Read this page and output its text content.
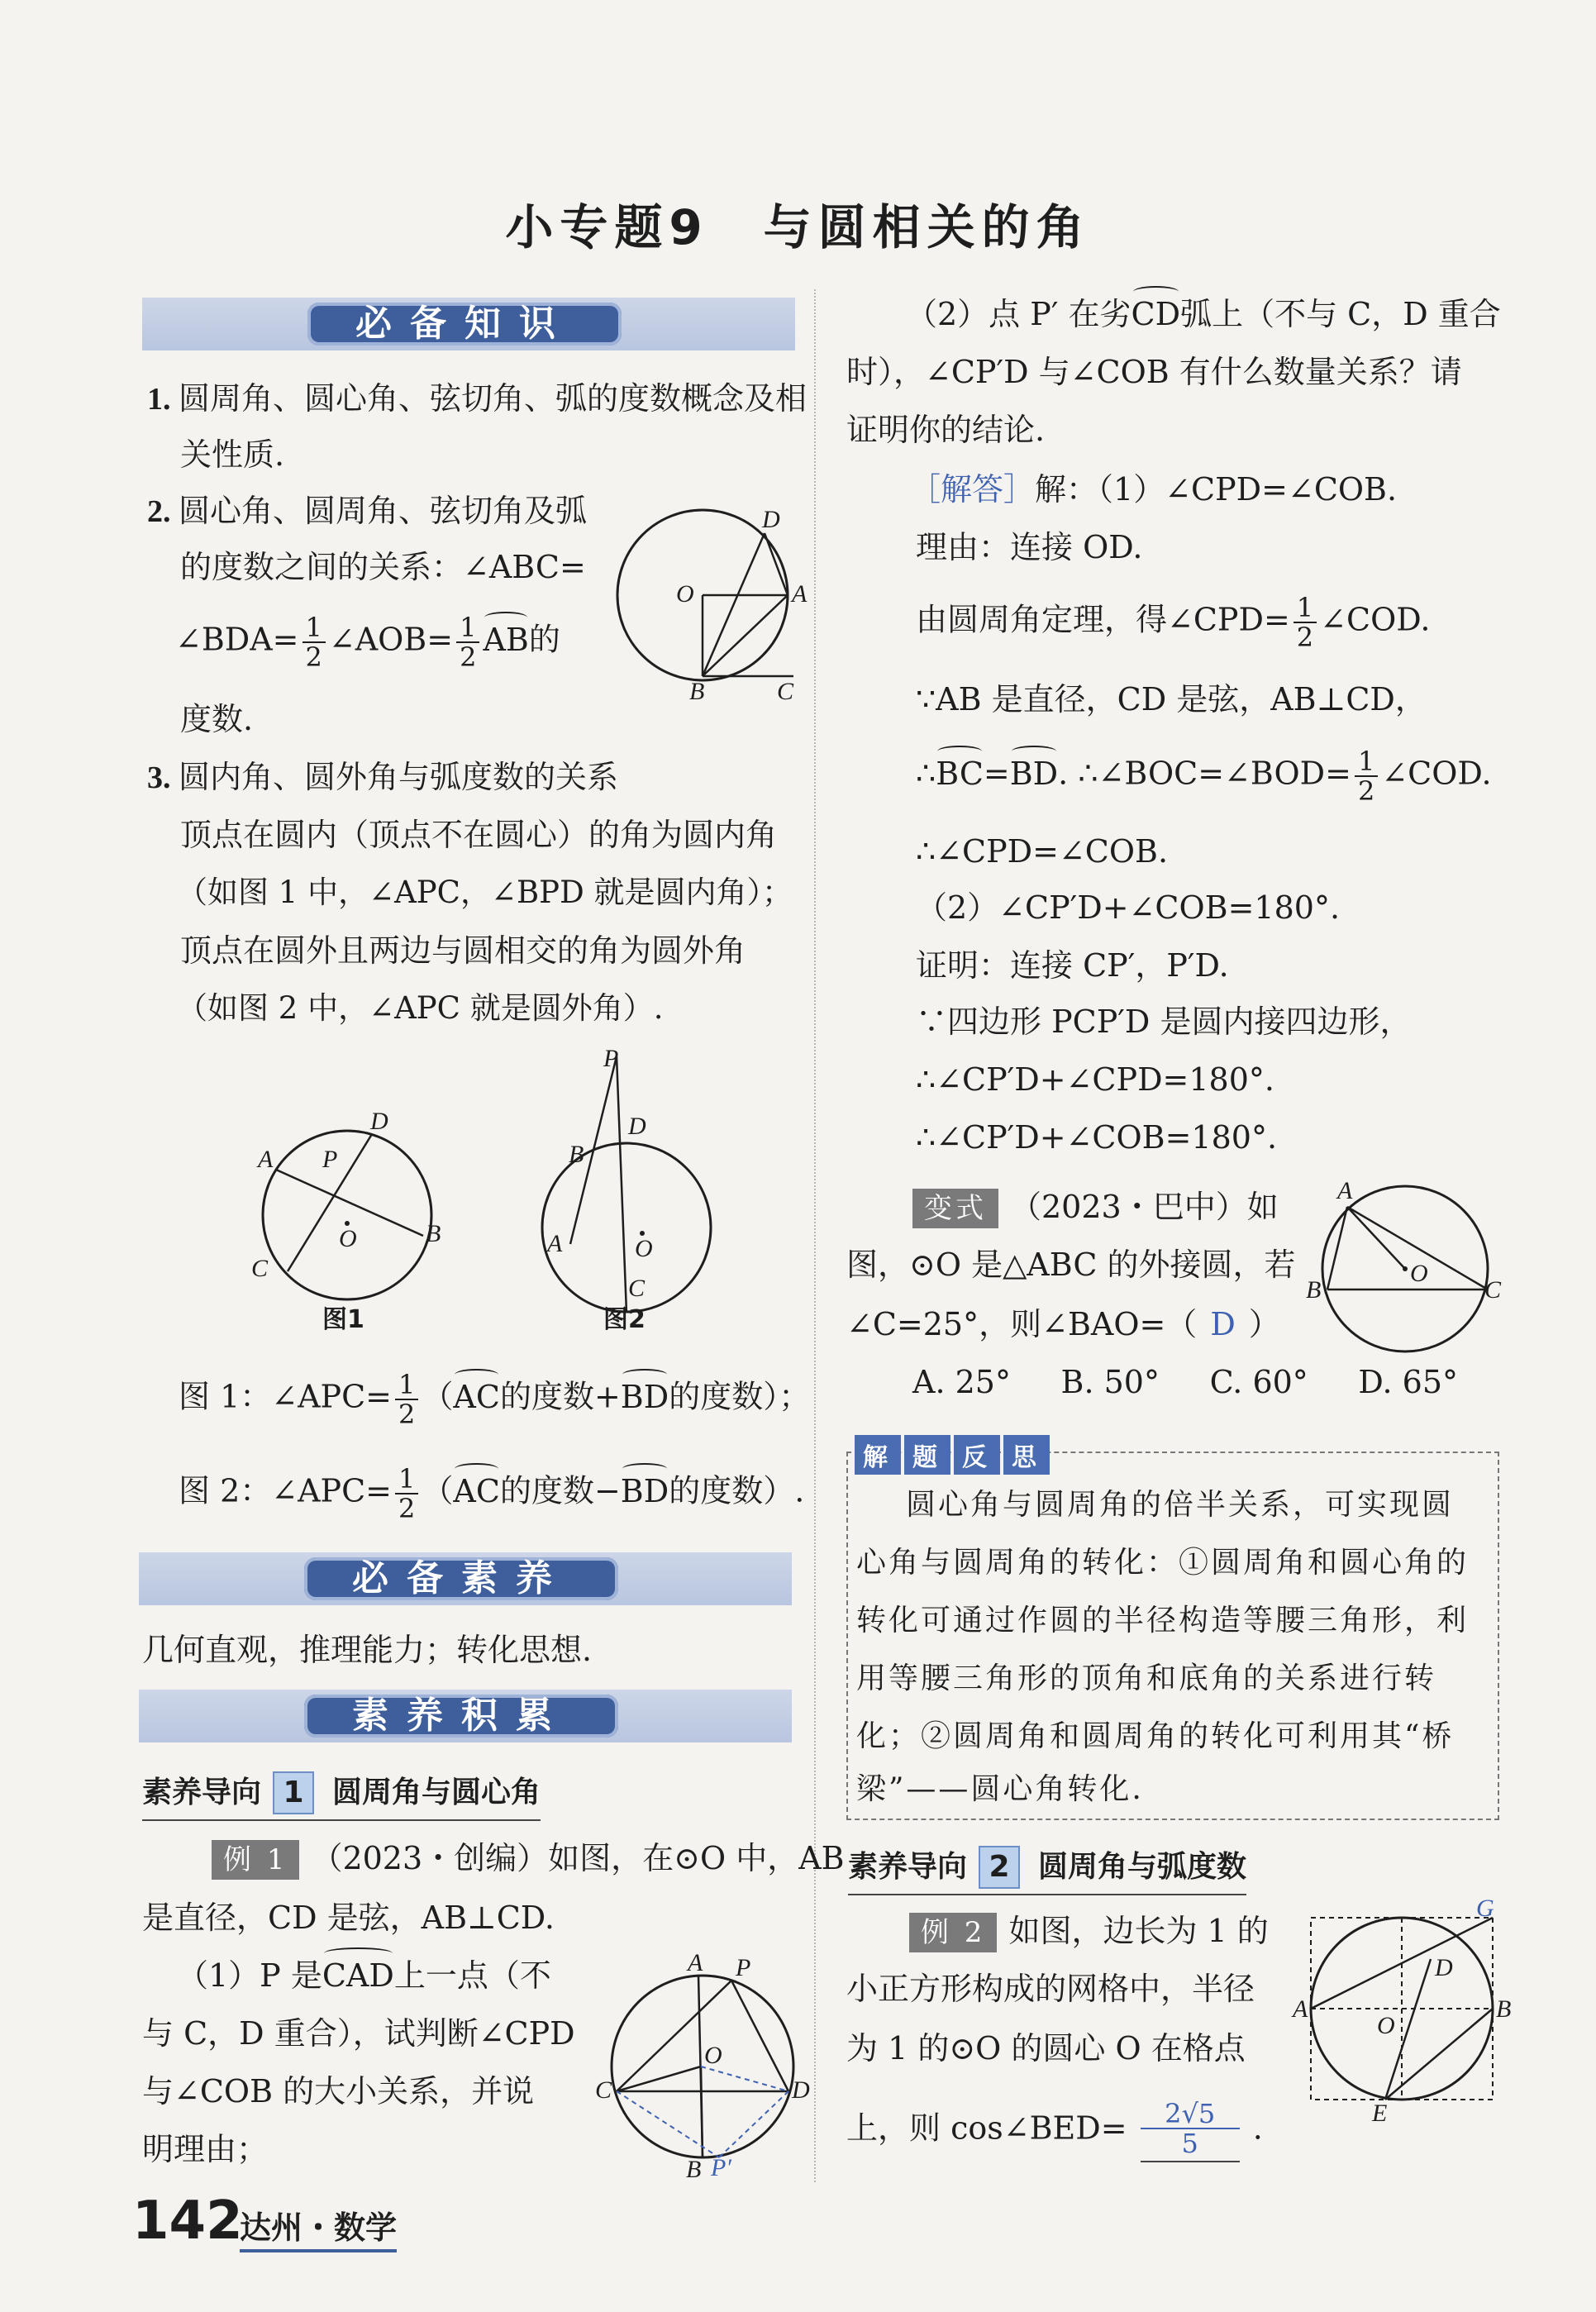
小专题9　与圆相关的角
必备知识
1. 圆周角、圆心角、弦切角、弧的度数概念及相
关性质.
2. 圆心角、圆周角、弦切角及弧
的度数之间的关系：∠ABC=
∠BDA= $\frac{1}{2}$ ∠AOB= $\frac{1}{2}$ AB的
度数.
O	A
D
B	C
3. 圆内角、圆外角与弧度数的关系
顶点在圆内（顶点不在圆心）的角为圆内角
（如图 1 中，∠APC，∠BPD 就是圆内角）；
顶点在圆外且两边与圆相交的角为圆外角
（如图 2 中，∠APC 就是圆外角）.
O
A
D
P
B
C
图1
O
P
B
D
A
C
图2
图 1：∠APC= $\frac{1}{2} (AC$的度数+BD的度数）；
图 2：∠APC= $\frac{1}{2} (AC$的度数−BD的度数）.
必备素养
几何直观，推理能力；转化思想.
素养积累
素养导向 1 圆周角与圆心角
例 1 （2023・创编）如图，在⊙O 中，AB
是直径，CD 是弦，AB⊥CD.
（1）P 是CAD上一点（不
与 C，D 重合），试判断∠CPD
与∠COB 的大小关系，并说
明理由；
A P
O
C	D
B P′
（2）点 P′ 在劣CD弧上（不与 C，D 重合
时），∠CP′D 与∠COB 有什么数量关系？请
证明你的结论.
［解答］解：（1）∠CPD=∠COB.
理由：连接 OD.
由圆周角定理，得∠CPD= $\frac{1}{2}$ ∠COD.
∵AB 是直径，CD 是弦，AB⊥CD，
∴BC=BD. ∴∠BOC=∠BOD= $\frac{1}{2}$ ∠COD.
∴∠CPD=∠COB.
（2）∠CP′D+∠COB=180°.
证明：连接 CP′，P′D.
∵四边形 PCP′D 是圆内接四边形，
∴∠CP′D+∠CPD=180°.
∴∠CP′D+∠COB=180°.
变式 （2023・巴中）如
图，⊙O 是△ABC 的外接圆，若
∠C=25°，则∠BAO=（ D ）
A. 25° B. 50° C. 60° D. 65°
A
B	C
O
解 题 反 思
圆心角与圆周角的倍半关系，可实现圆
心角与圆周角的转化：①圆周角和圆心角的
转化可通过作圆的半径构造等腰三角形，利
用等腰三角形的顶角和底角的关系进行转
化；②圆周角和圆周角的转化可利用其“桥
梁”——圆心角转化.
素养导向 2 圆周角与弧度数
例 2 如图，边长为 1 的
小正方形构成的网格中，半径
为 1 的⊙O 的圆心 O 在格点
上，则 cos∠BED= $\frac{2√5}{5}$ .
A	B
D
E
O
G
142
达州・数学
